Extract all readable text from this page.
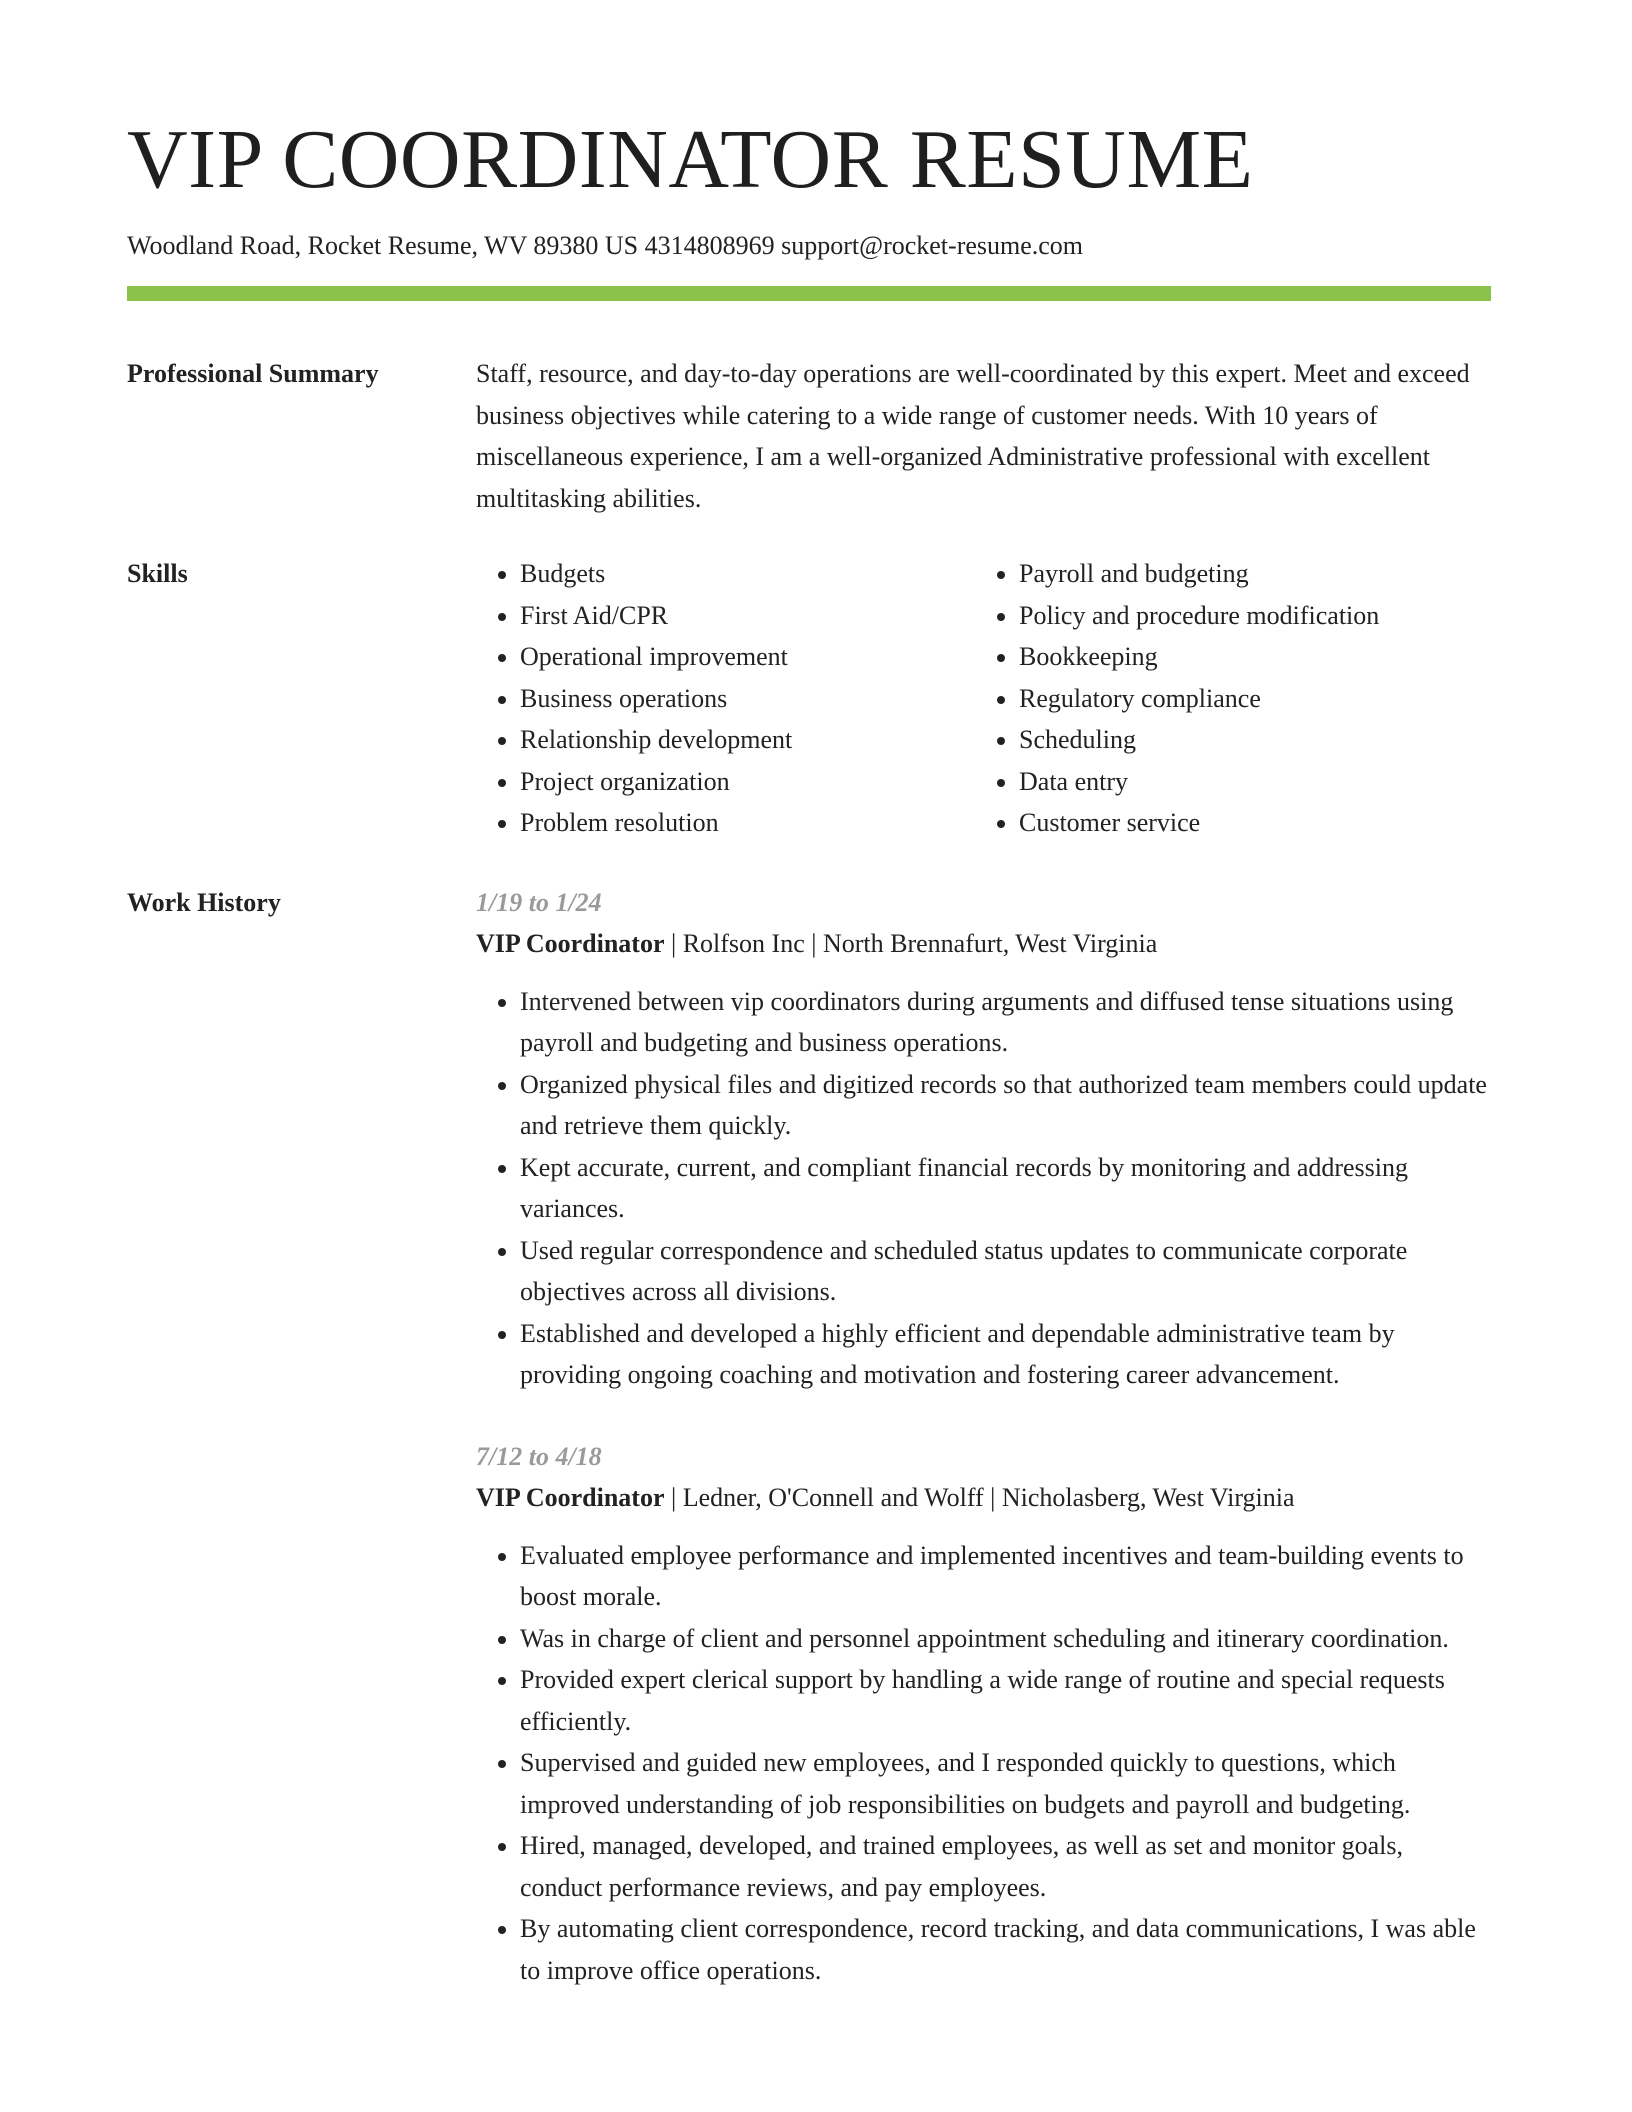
VIP COORDINATOR RESUME
Woodland Road, Rocket Resume, WV 89380 US 4314808969 support@rocket-resume.com
Professional Summary	Staff, resource, and day-to-day operations are well-coordinated by this expert. Meet and exceed business objectives while catering to a wide range of customer needs. With 10 years of miscellaneous experience, I am a well-organized Administrative professional with excellent multitasking abilities.

Skills
•	Budgets
• First Aid/CPR
• Operational improvement
• Business operations
• Relationship development
• Project organization
• Problem resolution
• Payroll and budgeting
• Policy and procedure modification
• Bookkeeping
• Regulatory compliance
• Scheduling
• Data entry
• Customer service
Work History	1/19 to 1/24
VIP Coordinator | Rolfson Inc | North Brennafurt, West Virginia
• Intervened between vip coordinators during arguments and diffused tense situations using payroll and budgeting and business operations.
• Organized physical files and digitized records so that authorized team members could update and retrieve them quickly.
• Kept accurate, current, and compliant financial records by monitoring and addressing variances.
• Used regular correspondence and scheduled status updates to communicate corporate objectives across all divisions.
• Established and developed a highly efficient and dependable administrative team by providing ongoing coaching and motivation and fostering career advancement.
7/12 to 4/18
VIP Coordinator | Ledner, O'Connell and Wolff | Nicholasberg, West Virginia
• Evaluated employee performance and implemented incentives and team-building events to boost morale.
• Was in charge of client and personnel appointment scheduling and itinerary coordination.
• Provided expert clerical support by handling a wide range of routine and special requests efficiently.
• Supervised and guided new employees, and I responded quickly to questions, which improved understanding of job responsibilities on budgets and payroll and budgeting.
• Hired, managed, developed, and trained employees, as well as set and monitor goals, conduct performance reviews, and pay employees.
• By automating client correspondence, record tracking, and data communications, I was able to improve office operations.
